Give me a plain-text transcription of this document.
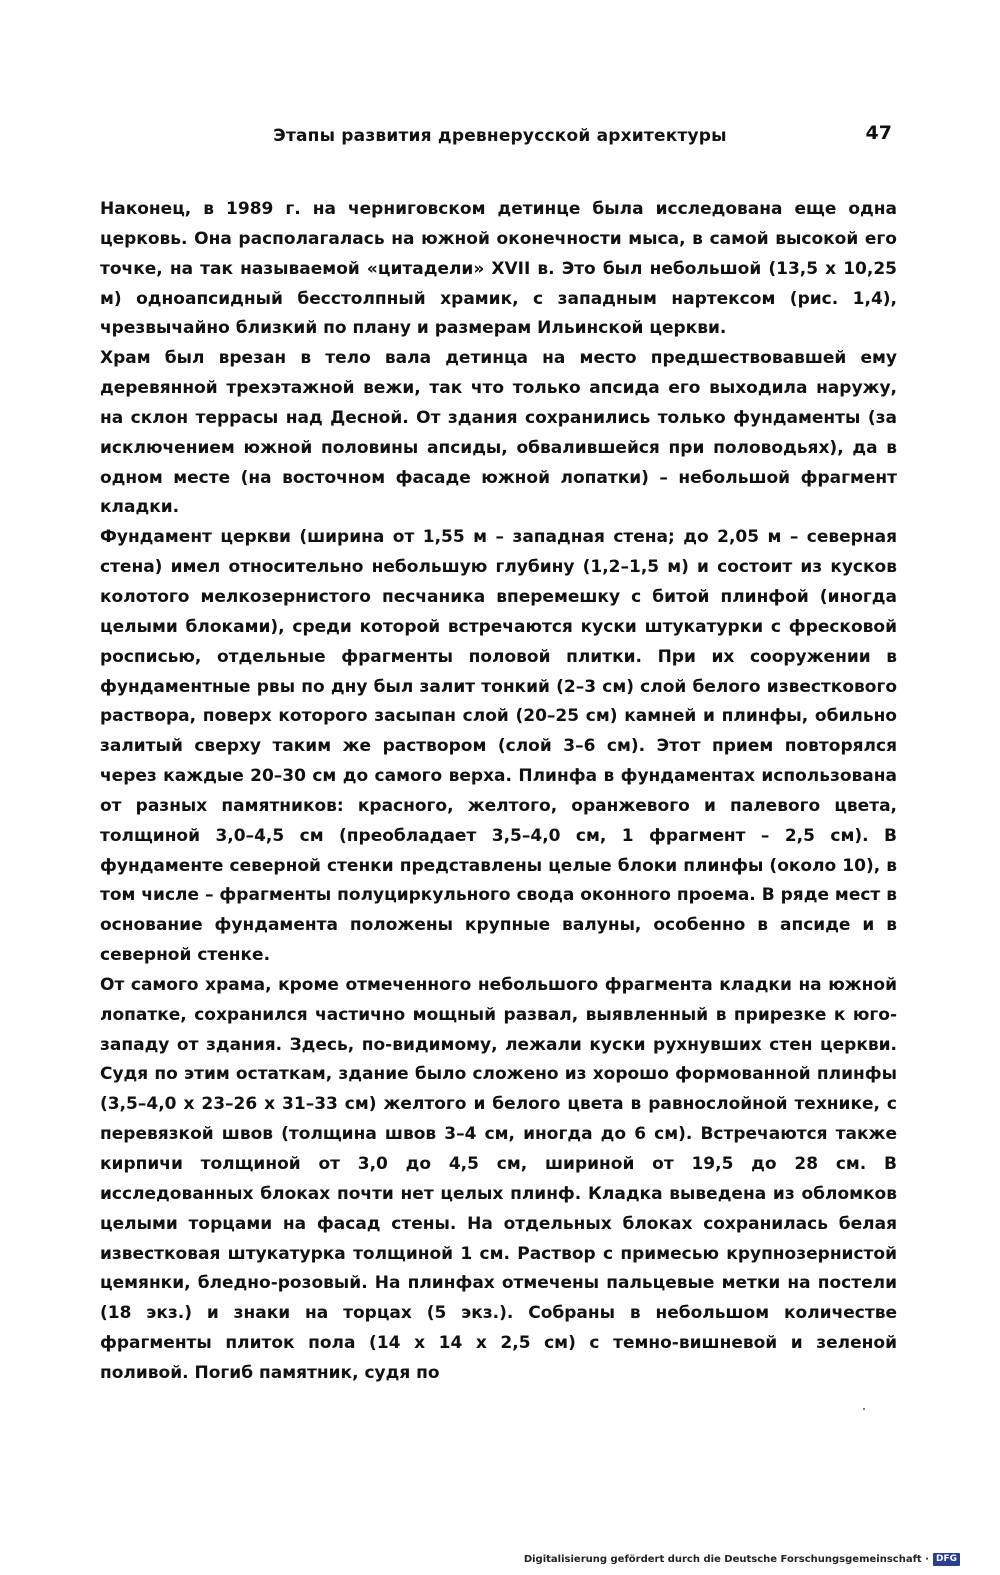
Этапы развития древнерусской архитектуры	47

Наконец, в 1989 г. на черниговском детинце была исследована еще одна церковь. Она располагалась на южной оконечности мыса, в самой высокой его точке, на так называемой «цитадели» XVII в. Это был небольшой (13,5 х 10,25 м) одноапсидный бесстолпный храмик, с западным нартексом (рис. 1,4), чрезвычайно близкий по плану и размерам Ильинской церкви.

Храм был врезан в тело вала детинца на место предшествовавшей ему деревянной трехэтажной вежи, так что только апсида его выходила наружу, на склон террасы над Десной. От здания сохранились только фундаменты (за исключением южной половины апсиды, обвалившейся при половодьях), да в одном месте (на восточном фасаде южной лопатки) – небольшой фрагмент кладки.

Фундамент церкви (ширина от 1,55 м – западная стена; до 2,05 м – северная стена) имел относительно небольшую глубину (1,2–1,5 м) и состоит из кусков колотого мелкозернистого песчаника вперемешку с битой плинфой (иногда целыми блоками), среди которой встречаются куски штукатурки с фресковой росписью, отдельные фрагменты половой плитки. При их сооружении в фундаментные рвы по дну был залит тонкий (2–3 см) слой белого известкового раствора, поверх которого засыпан слой (20–25 см) камней и плинфы, обильно залитый сверху таким же раствором (слой 3–6 см). Этот прием повторялся через каждые 20–30 см до самого верха. Плинфа в фундаментах использована от разных памятников: красного, желтого, оранжевого и палевого цвета, толщиной 3,0–4,5 см (преобладает 3,5–4,0 см, 1 фрагмент – 2,5 см). В фундаменте северной стенки представлены целые блоки плинфы (около 10), в том числе – фрагменты полуциркульного свода оконного проема. В ряде мест в основание фундамента положены крупные валуны, особенно в апсиде и в северной стенке.

От самого храма, кроме отмеченного небольшого фрагмента кладки на южной лопатке, сохранился частично мощный развал, выявленный в прирезке к юго-западу от здания. Здесь, по-видимому, лежали куски рухнувших стен церкви. Судя по этим остаткам, здание было сложено из хорошо формованной плинфы (3,5–4,0 х 23–26 х 31–33 см) желтого и белого цвета в равнослойной технике, с перевязкой швов (толщина швов 3–4 см, иногда до 6 см). Встречаются также кирпичи толщиной от 3,0 до 4,5 см, шириной от 19,5 до 28 см. В исследованных блоках почти нет целых плинф. Кладка выведена из обломков целыми торцами на фасад стены. На отдельных блоках сохранилась белая известковая штукатурка толщиной 1 см. Раствор с примесью крупнозернистой цемянки, бледно-розовый. На плинфах отмечены пальцевые метки на постели (18 экз.) и знаки на торцах (5 экз.). Собраны в небольшом количестве фрагменты плиток пола (14 х 14 х 2,5 см) с темно-вишневой и зеленой поливой. Погиб памятник, судя по

Digitalisierung gefördert durch die Deutsche Forschungsgemeinschaft · DFG
